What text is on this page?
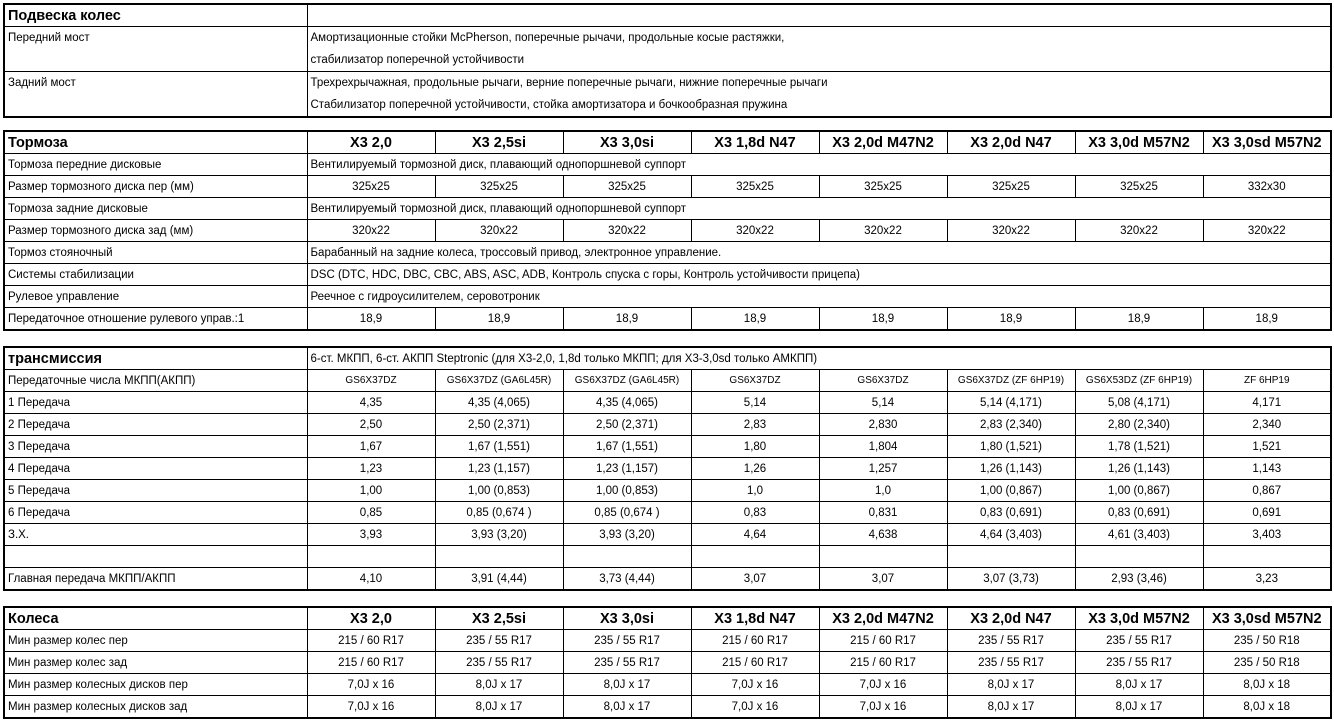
Подвеска колес	
Передний мост	Амортизационные стойки McPherson, поперечные рычачи, продольные косые растяжки,
стабилизатор поперечной устойчивости

Задний мост	Трехрехрычажная, продольные рычаги, верние поперечные рычаги, нижние поперечные рычаги
Стабилизатор поперечной устойчивости, стойка амортизатора и бочкообразная пружина
Тормоза	X3 2,0	X3 2,5si	X3 3,0si	X3 1,8d N47	X3 2,0d M47N2	X3 2,0d N47	X3 3,0d M57N2	X3 3,0sd M57N2
Тормоза передние дисковые	Вентилируемый тормозной диск, плавающий однопоршневой суппорт							
Размер тормозного диска пер (мм)	325x25	325x25	325x25	325x25	325x25	325x25	325x25	332x30
Тормоза задние дисковые	Вентилируемый тормозной диск, плавающий однопоршневой суппорт							
Размер тормозного диска зад (мм)	320x22	320x22	320x22	320x22	320x22	320x22	320x22	320x22
Тормоз стояночный	Барабанный на задние колеса, троссовый привод, электронное управление.							
Системы стабилизации	DSC (DTC, HDC, DBC, CBC, ABS, ASC, ADB, Контроль спуска с горы, Контроль устойчивости прицепа)							
Рулевое управление	Реечное с гидроусилителем, серовотроник							
Передаточное отношение рулевого управ.:1	18,9	18,9	18,9	18,9	18,9	18,9	18,9	18,9
трансмиссия	6-ст. МКПП, 6-ст. АКПП Steptronic (для X3-2,0, 1,8d только МКПП; для X3-3,0sd только АМКПП)							
Передаточные числа МКПП(АКПП)	GS6X37DZ	GS6X37DZ (GA6L45R)	GS6X37DZ (GA6L45R)	GS6X37DZ	GS6X37DZ	GS6X37DZ (ZF 6HP19)	GS6X53DZ (ZF 6HP19)	ZF 6HP19
1 Передача	4,35	4,35 (4,065)	4,35 (4,065)	5,14	5,14	5,14 (4,171)	5,08 (4,171)	4,171
2 Передача	2,50	2,50 (2,371)	2,50 (2,371)	2,83	2,830	2,83 (2,340)	2,80 (2,340)	2,340
3 Передача	1,67	1,67 (1,551)	1,67 (1,551)	1,80	1,804	1,80 (1,521)	1,78 (1,521)	1,521
4 Передача	1,23	1,23 (1,157)	1,23 (1,157)	1,26	1,257	1,26 (1,143)	1,26 (1,143)	1,143
5 Передача	1,00	1,00 (0,853)	1,00 (0,853)	1,0	1,0	1,00 (0,867)	1,00 (0,867)	0,867
6 Передача	0,85	0,85 (0,674 )	0,85 (0,674 )	0,83	0,831	0,83 (0,691)	0,83 (0,691)	0,691
З.Х.	3,93	3,93 (3,20)	3,93 (3,20)	4,64	4,638	4,64 (3,403)	4,61 (3,403)	3,403

Главная передача МКПП/АКПП	4,10	3,91 (4,44)	3,73 (4,44)	3,07	3,07	3,07 (3,73)	2,93 (3,46)	3,23
Колеса	X3 2,0	X3 2,5si	X3 3,0si	X3 1,8d N47	X3 2,0d M47N2	X3 2,0d N47	X3 3,0d M57N2	X3 3,0sd M57N2
Мин размер колес пер	215 / 60 R17	235 / 55 R17	235 / 55 R17	215 / 60 R17	215 / 60 R17	235 / 55 R17	235 / 55 R17	235 / 50 R18
Мин размер колес зад	215 / 60 R17	235 / 55 R17	235 / 55 R17	215 / 60 R17	215 / 60 R17	235 / 55 R17	235 / 55 R17	235 / 50 R18
Мин размер колесных дисков пер	7,0J x 16	8,0J x 17	8,0J x 17	7,0J x 16	7,0J x 16	8,0J x 17	8,0J x 17	8,0J x 18
Мин размер колесных дисков зад	7,0J x 16	8,0J x 17	8,0J x 17	7,0J x 16	7,0J x 16	8,0J x 17	8,0J x 17	8,0J x 18
